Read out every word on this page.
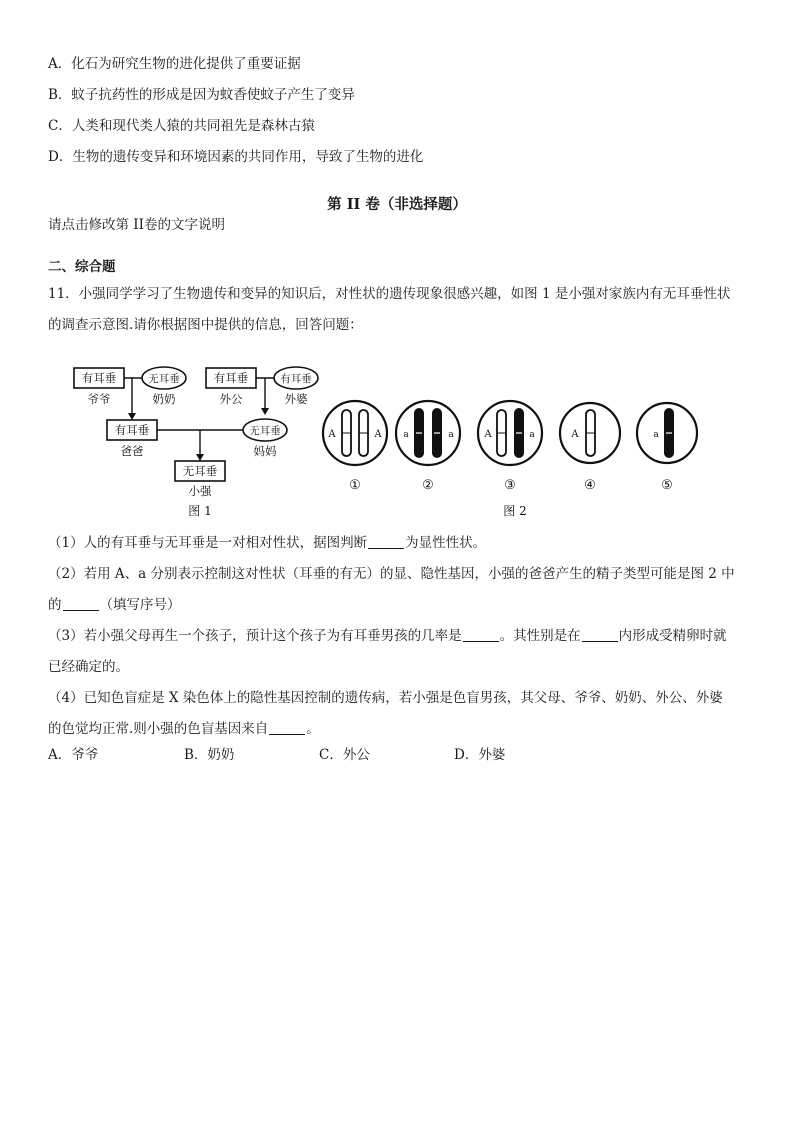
A．化石为研究生物的进化提供了重要证据
B．蚊子抗药性的形成是因为蚊香使蚊子产生了变异
C．人类和现代类人猿的共同祖先是森林古猿
D．生物的遗传变异和环境因素的共同作用，导致了生物的进化
第 II 卷（非选择题）
请点击修改第 II卷的文字说明
二、综合题
11．小强同学学习了生物遗传和变异的知识后，对性状的遗传现象很感兴趣，如图 1 是小强对家族内有无耳垂性状
的调查示意图.请你根据图中提供的信息，回答问题：
有耳垂
爷爷
无耳垂
奶奶
有耳垂
外公
有耳垂
外婆
有耳垂
爸爸
无耳垂
妈妈
无耳垂
小强
图 1
A	A
①
a	a
②
A	a
③
A
④
a
⑤
图 2
（1）人的有耳垂与无耳垂是一对相对性状，据图判断	为显性性状。
（2）若用 A、a 分别表示控制这对性状（耳垂的有无）的显、隐性基因，小强的爸爸产生的精子类型可能是图 2 中
的	（填写序号）
（3）若小强父母再生一个孩子，预计这个孩子为有耳垂男孩的几率是	。其性别是在	内形成受精卵时就
已经确定的。
（4）已知色盲症是 X 染色体上的隐性基因控制的遗传病，若小强是色盲男孩，其父母、爷爷、奶奶、外公、外婆
的色觉均正常.则小强的色盲基因来自	。
A．爷爷	B．奶奶	C．外公	D．外婆
